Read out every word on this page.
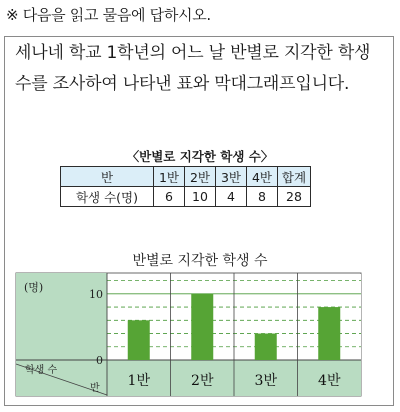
※ 다음을 읽고 물음에 답하시오.
세나네 학교 1학년의 어느 날 반별로 지각한 학생 수를 조사하여 나타낸 표와 막대그래프입니다.
〈반별로 지각한 학생 수〉
반	1반	2반	3반	4반	합계
학생 수(명)	6	10	4	8	28
반별로 지각한 학생 수
1반	2반	3반	4반
0
10
(명)
학생 수
반
